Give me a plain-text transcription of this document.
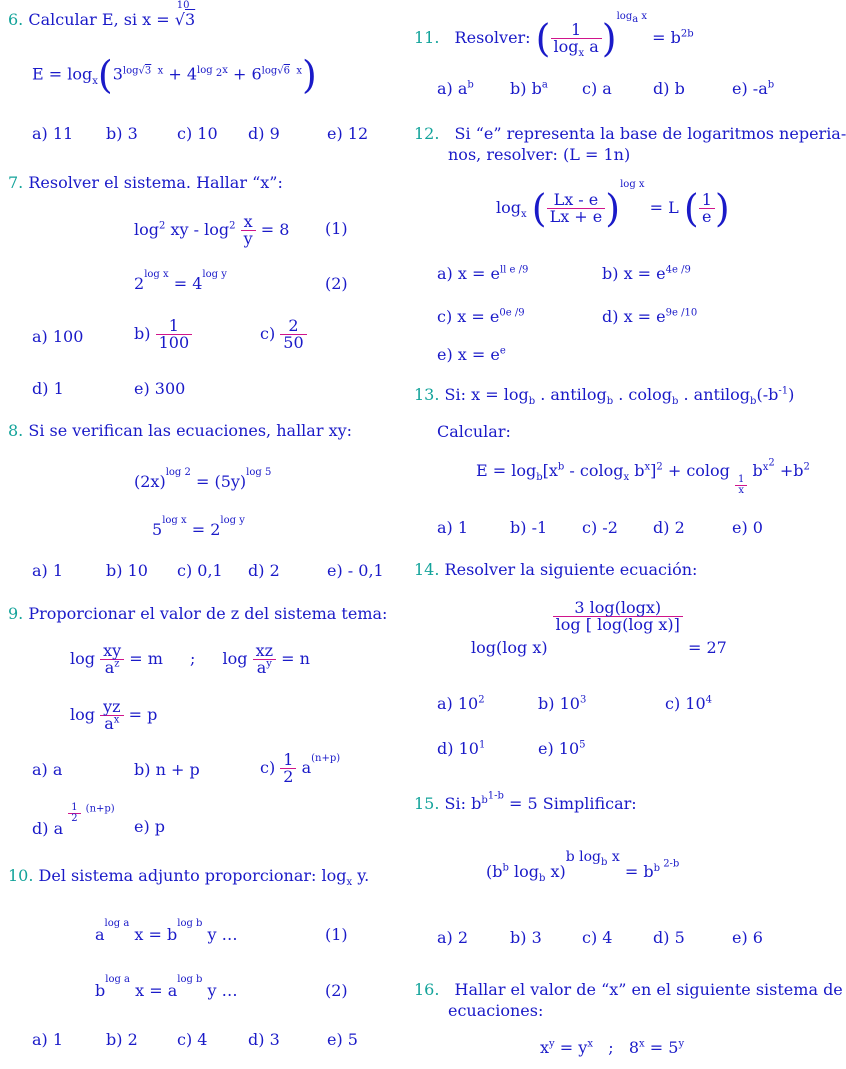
6. Calcular E, si x =
10
√3
$E = \log_x(3^{log√3 x} + 4^{log _2x} + 6^{log√6 x})$
a) 11 b) 3 c) 10 d) 9	e) 12
7. Resolver el sistema. Hallar “x”:
$\log^2$ xy - $\log^2 \frac{x}{y} = 8$ (1)
$2^{log x} = 4^{log y}$	(2)
a) 100	$b) \frac{1}{100}$	$c) \frac{2}{50}$
d) 1	e) 300
8. Si se verifican las ecuaciones, hallar xy:
$(2x)^{log 2} = (5y)^{log 5}$
$5^{log x} = 2^{log y}$
a) 1	b) 10 c) 0,1 d) 2	e) - 0,1
9. Proporcionar el valor de z del sistema tema:
$\log \frac{xy}{a^z} = m$ ; $\log \frac{xz}{a^y} = n$
$\log \frac{yz}{a^x} = p$
a) a	b) n + p	$c) \frac{1}{2} a^{(n+p)}$
d) a
$\frac{1}{2} ^{(n+p)}$
e) p
10. Del sistema adjunto proporcionar: $\log_x y$.
$a^{log a}$ $x = b^{log b}$ y …	(1)
$b^{log a}$ $x = a^{log b}$ y …	(2)
a) 1	b) 2 c) 4	d) 3	e) 5
11. Resolver: ( $\frac{1}{\log_x a} )^{log_a x} = b^{2b}$
a) $a^b$ b) $b^a$ c) a	d) b	e) $-a^b$
12. Si “e” representa la base de logaritmos neperia-
nos, resolver: (L = 1n)
$\log_x$ ( $\frac{Lx - e}{Lx + e} )^{log x} = L$ ( $\frac{1}{e}$ )
a) $x = e^{ll e /9}$	b) $x = e^{4e /9}$
c) $x = e^{0e /9}$	d) $x = e^{9e /10}$
e) $x = e^e$
13. Si: $x = \log_b$ . antilog$_b$ . colog$_b$ . $antilog_b(-b^{-1})$
Calcular:
$E = \log_b[x^b - colog_x$ $b^x]^2 + colog$
$\frac{1}{x}$
$b^{x^2} +b^2$
a) 1	b) -1 c) -2 d) 2	e) 0
14. Resolver la siguiente ecuación:
log(log x)
$\frac{3 \log(\log x)}{\text{log [ log(log x)]}}$
= 27
a) $10^2$	b) $10^3$	c) $10^4$
d) $10^1$	e) $10^5$
15. Si: $b^{b^{1-b}} = 5$ Simplificar:
($b^b$ $\log_b x)^{b log_b x} = b^{b ^{2-b}}$
a) 2	b) 3	c) 4	d) 5	e) 6
16. Hallar el valor de “x” en el siguiente sistema de
ecuaciones:
$x^y = y^x$   ;   $8^x = 5^y$
